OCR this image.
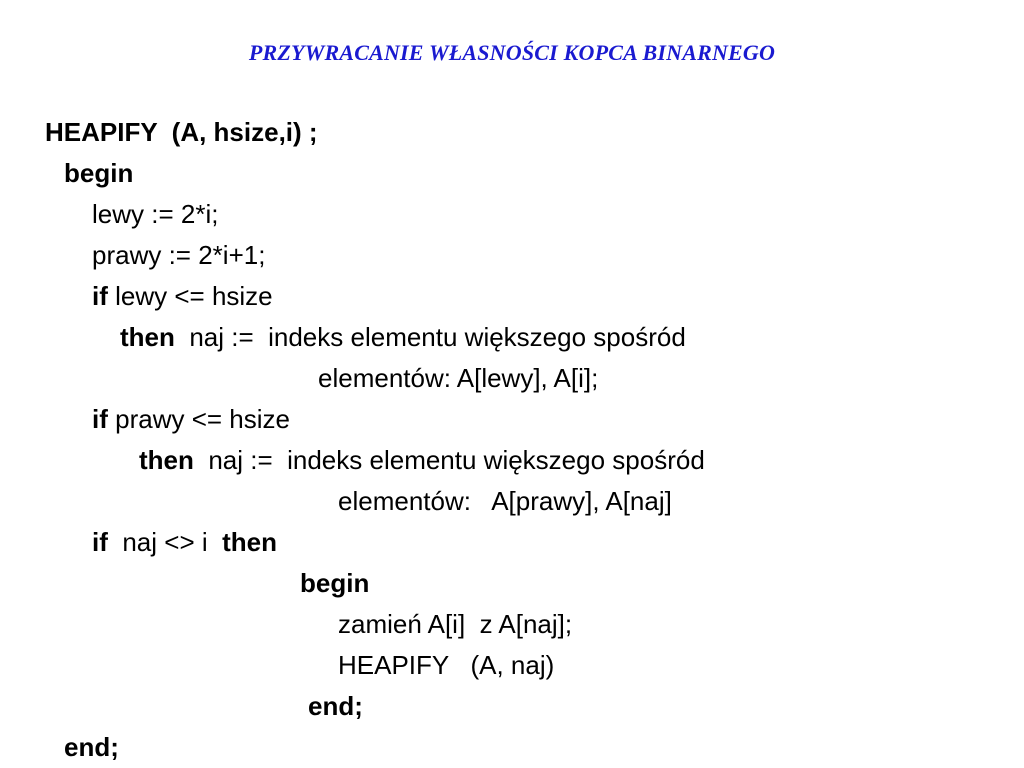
PRZYWRACANIE WŁASNOŚCI KOPCA BINARNEGO
HEAPIFY  (A, hsize,i) ;
begin
lewy := 2*i;
prawy := 2*i+1;
if lewy <= hsize
then  naj :=  indeks elementu większego spośród
elementów: A[lewy], A[i];
if prawy <= hsize
then  naj :=  indeks elementu większego spośród
elementów:   A[prawy], A[naj]
if  naj <> i  then
begin
zamień A[i]  z A[naj];
HEAPIFY   (A, naj)
end;
end;
